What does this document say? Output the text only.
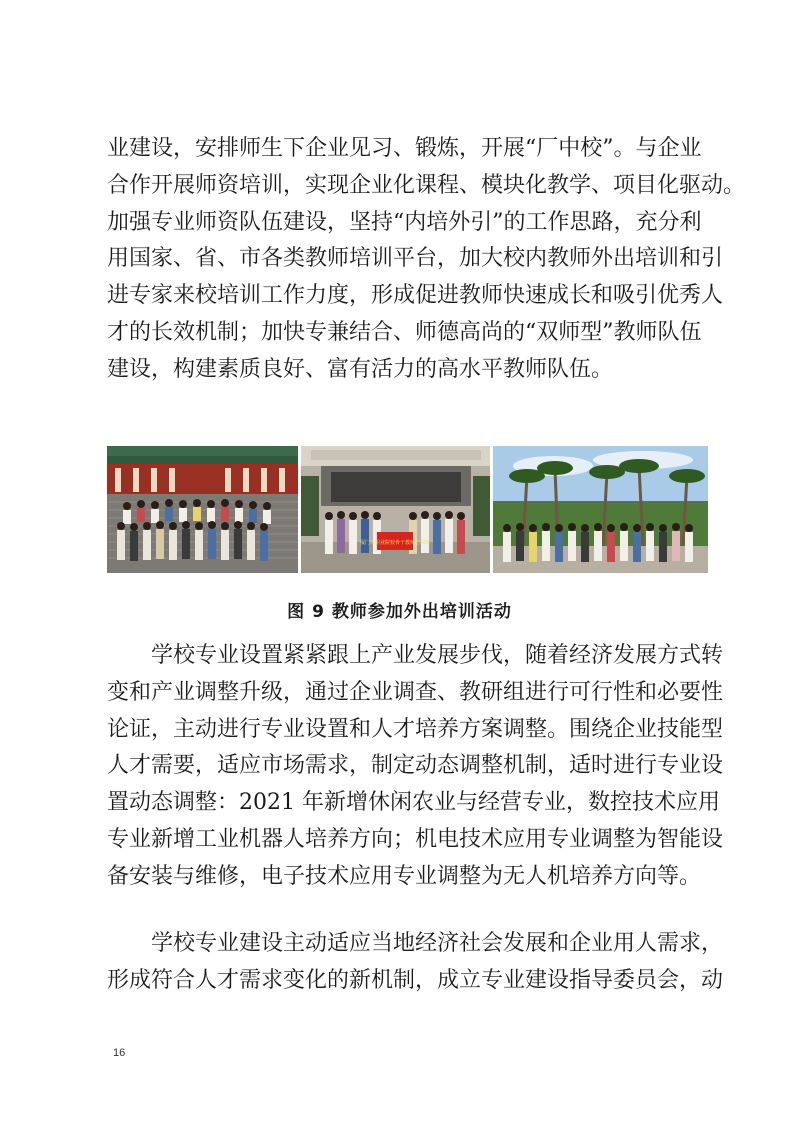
业建设，安排师生下企业见习、锻炼，开展“厂中校”。与企业
合作开展师资培训，实现企业化课程、模块化教学、项目化驱动。
加强专业师资队伍建设，坚持“内培外引”的工作思路，充分利
用国家、省、市各类教师培训平台，加大校内教师外出培训和引
进专家来校培训工作力度，形成促进教师快速成长和吸引优秀人
才的长效机制；加快专兼结合、师德高尚的“双师型”教师队伍
建设，构建素质良好、富有活力的高水平教师队伍。
厦门市职业院校骨干教师培训班
图 9 教师参加外出培训活动
学校专业设置紧紧跟上产业发展步伐，随着经济发展方式转
变和产业调整升级，通过企业调查、教研组进行可行性和必要性
论证，主动进行专业设置和人才培养方案调整。围绕企业技能型
人才需要，适应市场需求，制定动态调整机制，适时进行专业设
置动态调整：2021 年新增休闲农业与经营专业，数控技术应用
专业新增工业机器人培养方向；机电技术应用专业调整为智能设
备安装与维修，电子技术应用专业调整为无人机培养方向等。
学校专业建设主动适应当地经济社会发展和企业用人需求，
形成符合人才需求变化的新机制，成立专业建设指导委员会，动
16
